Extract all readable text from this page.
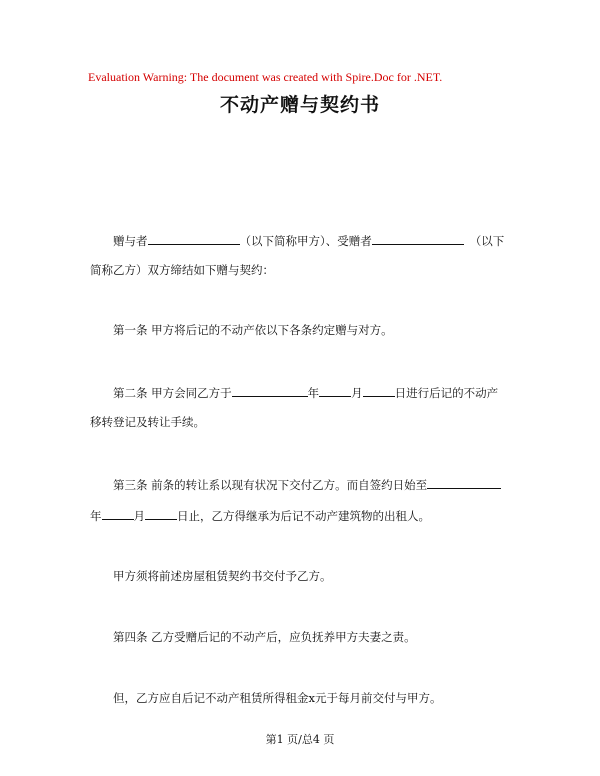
Evaluation Warning: The document was created with Spire.Doc for .NET.
不动产赠与契约书
赠与者	（以下简称甲方）、受赠者	（以下
简称乙方）双方缔结如下赠与契约：
第一条 甲方将后记的不动产依以下各条约定赠与对方。
第二条 甲方会同乙方于	年	月	日进行后记的不动产
移转登记及转让手续。
第三条 前条的转让系以现有状况下交付乙方。而自签约日始至
年	月	日止，乙方得继承为后记不动产建筑物的出租人。
甲方须将前述房屋租赁契约书交付予乙方。
第四条 乙方受赠后记的不动产后，应负抚养甲方夫妻之责。
但，乙方应自后记不动产租赁所得租金x元于每月前交付与甲方。
第1 页/总4 页
